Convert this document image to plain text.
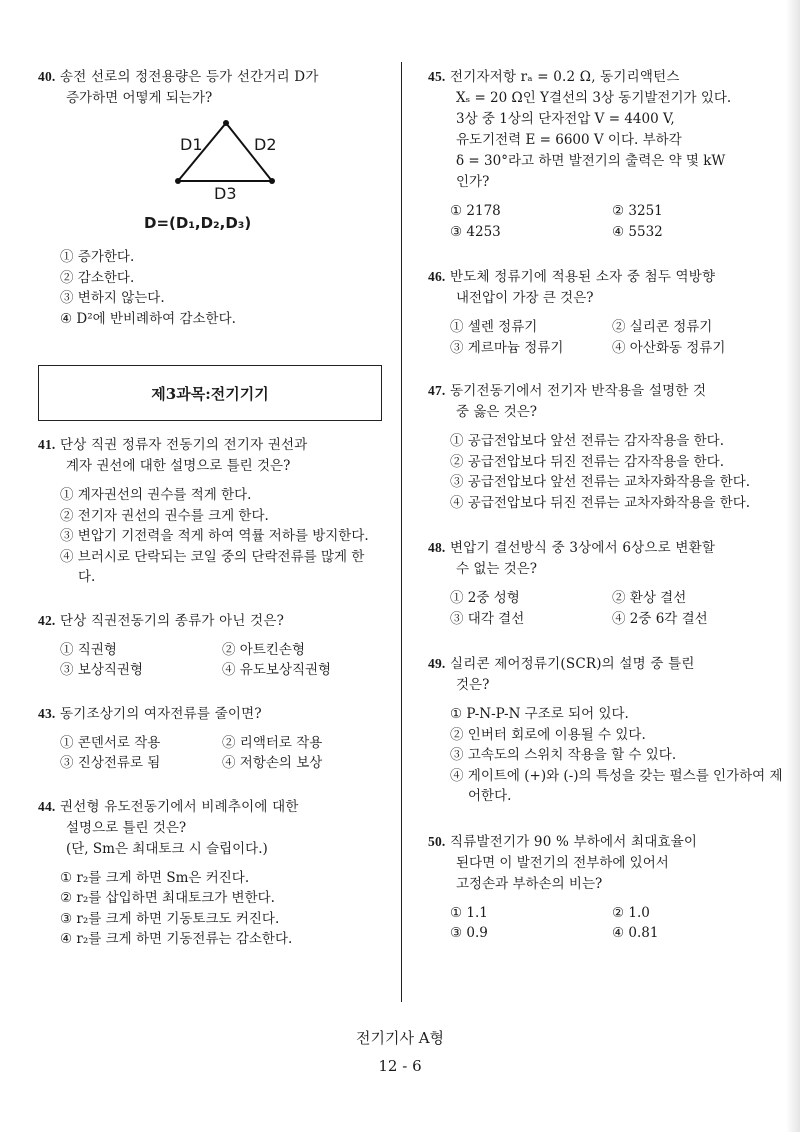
40. 송전 선로의 정전용량은 등가 선간거리 D가
증가하면 어떻게 되는가?
D1	D2
D3
D=(D₁,D₂,D₃)
① 증가한다.
② 감소한다.
③ 변하지 않는다.
④ D²에 반비례하여 감소한다.
제3과목:전기기기
41. 단상 직권 정류자 전동기의 전기자 권선과
계자 권선에 대한 설명으로 틀린 것은?
① 계자권선의 권수를 적게 한다.
② 전기자 권선의 권수를 크게 한다.
③ 변압기 기전력을 적게 하여 역률 저하를 방지한다.
④ 브러시로 단락되는 코일 중의 단락전류를 많게 한다.
42. 단상 직권전동기의 종류가 아닌 것은?
① 직권형	② 아트킨손형
③ 보상직권형	④ 유도보상직권형
43. 동기조상기의 여자전류를 줄이면?
① 콘덴서로 작용	② 리액터로 작용
③ 진상전류로 됨	④ 저항손의 보상
44. 권선형 유도전동기에서 비례추이에 대한
설명으로 틀린 것은?
(단, Sm은 최대토크 시 슬립이다.)
① r₂를 크게 하면 Sm은 커진다.
② r₂를 삽입하면 최대토크가 변한다.
③ r₂를 크게 하면 기동토크도 커진다.
④ r₂를 크게 하면 기동전류는 감소한다.
45. 전기자저항 rₐ = 0.2 Ω, 동기리액턴스
Xₛ = 20 Ω인 Y결선의 3상 동기발전기가 있다.
3상 중 1상의 단자전압 V = 4400 V,
유도기전력 E = 6600 V 이다. 부하각
δ = 30°라고 하면 발전기의 출력은 약 몇 kW
인가?
① 2178	② 3251
③ 4253	④ 5532
46. 반도체 정류기에 적용된 소자 중 첨두 역방향
내전압이 가장 큰 것은?
① 셀렌 정류기	② 실리콘 정류기
③ 게르마늄 정류기	④ 아산화동 정류기
47. 동기전동기에서 전기자 반작용을 설명한 것
중 옳은 것은?
① 공급전압보다 앞선 전류는 감자작용을 한다.
② 공급전압보다 뒤진 전류는 감자작용을 한다.
③ 공급전압보다 앞선 전류는 교차자화작용을 한다.
④ 공급전압보다 뒤진 전류는 교차자화작용을 한다.
48. 변압기 결선방식 중 3상에서 6상으로 변환할
수 없는 것은?
① 2중 성형	② 환상 결선
③ 대각 결선	④ 2중 6각 결선
49. 실리콘 제어정류기(SCR)의 설명 중 틀린
것은?
① P-N-P-N 구조로 되어 있다.
② 인버터 회로에 이용될 수 있다.
③ 고속도의 스위치 작용을 할 수 있다.
④ 게이트에 (+)와 (-)의 특성을 갖는 펄스를 인가하여 제어한다.
50. 직류발전기가 90 % 부하에서 최대효율이
된다면 이 발전기의 전부하에 있어서
고정손과 부하손의 비는?
① 1.1	② 1.0
③ 0.9	④ 0.81
전기기사 A형
12 - 6
